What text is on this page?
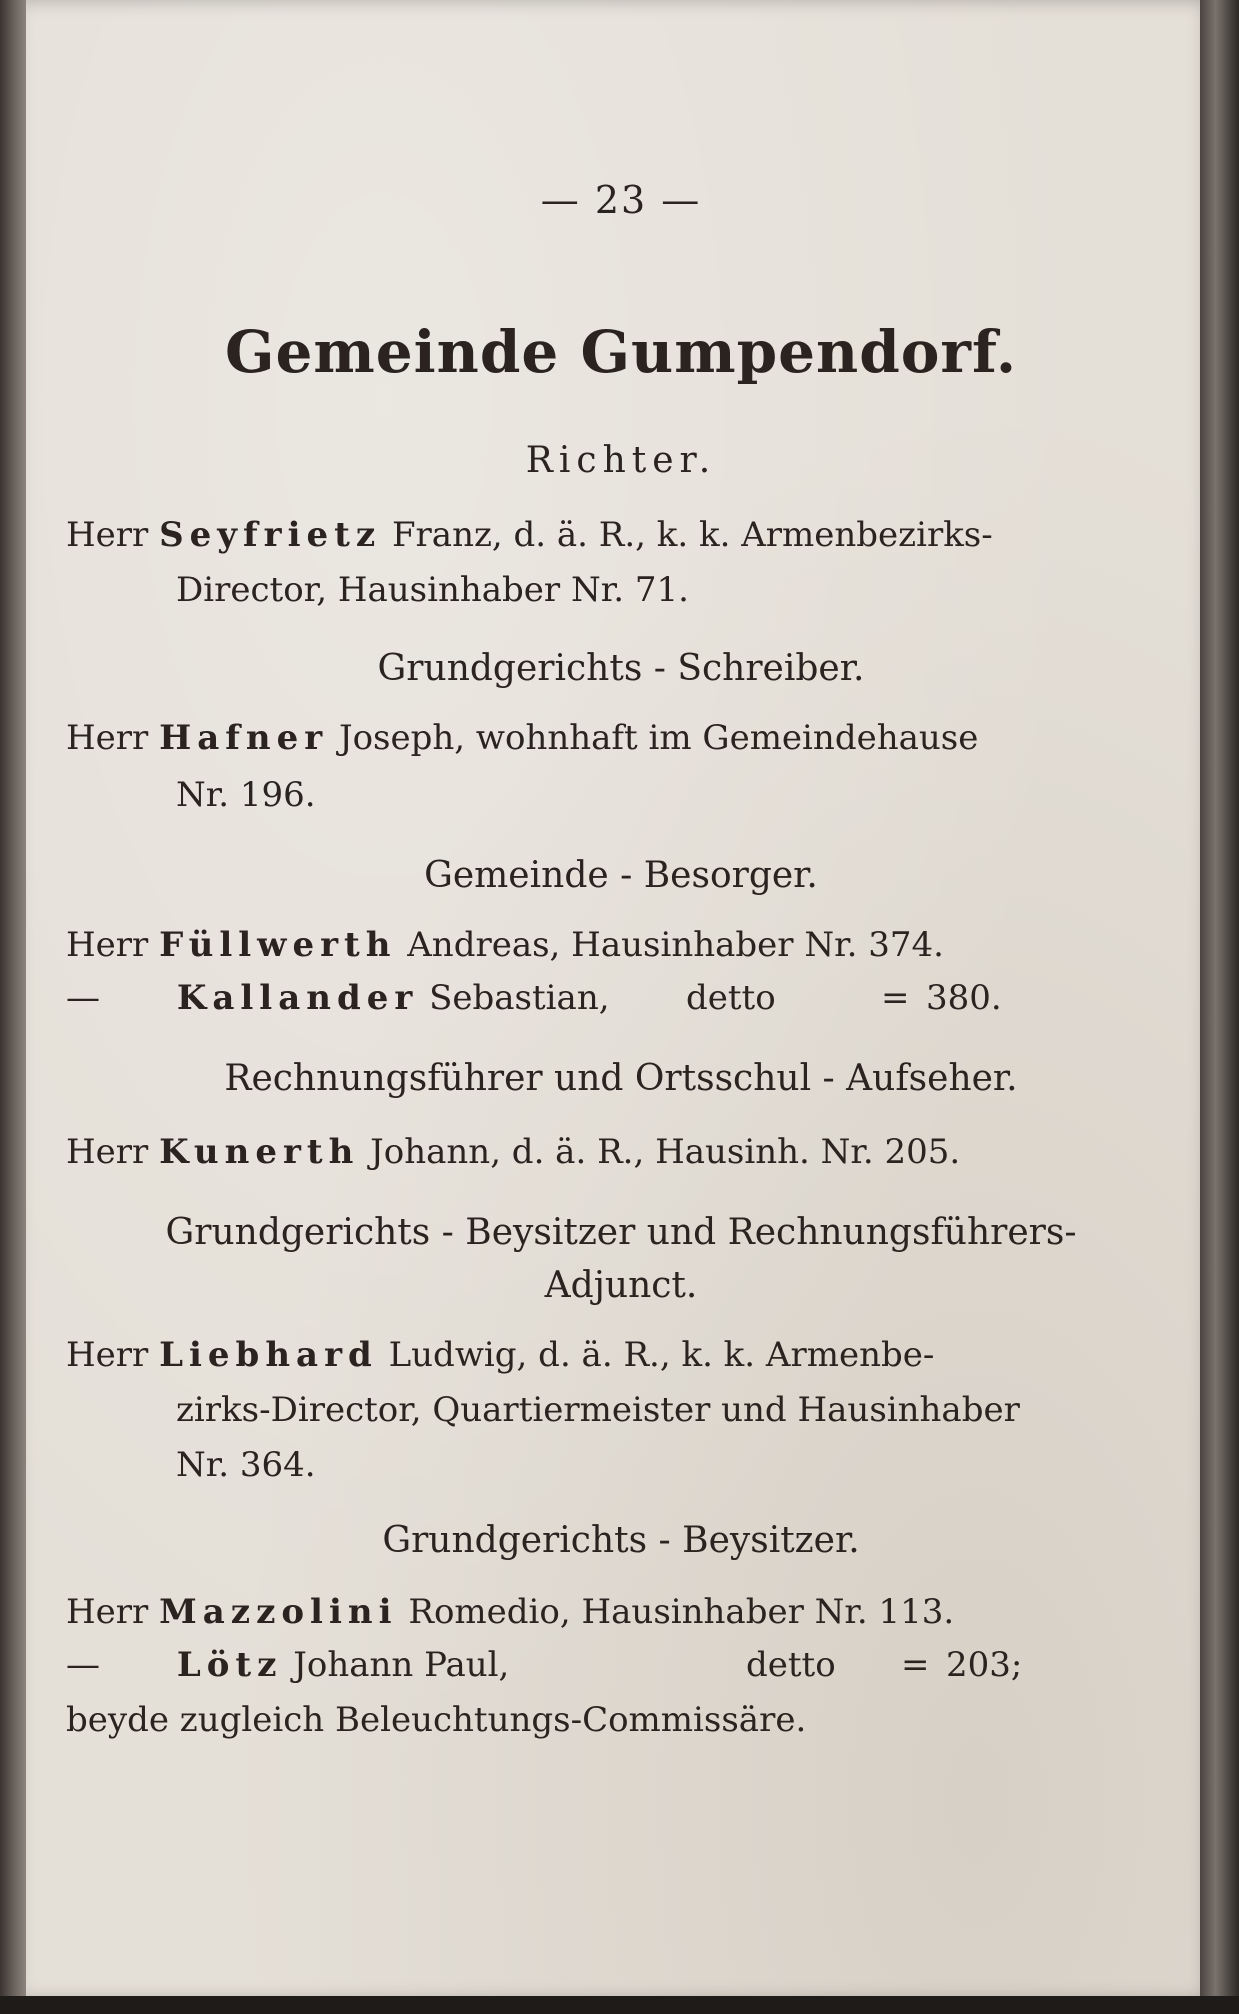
— 23 —
Gemeinde Gumpendorf.
Richter.
Herr Seyfrietz Franz, d. ä. R., k. k. Armenbezirks-
Director, Hausinhaber Nr. 71.
Grundgerichts - Schreiber.
Herr Hafner Joseph, wohnhaft im Gemeindehause
Nr. 196.
Gemeinde - Besorger.
Herr Füllwerth Andreas, Hausinhaber Nr. 374.
— Kallander Sebastian, detto	= 380.
Rechnungsführer und Ortsschul - Aufseher.
Herr Kunerth Johann, d. ä. R., Hausinh. Nr. 205.
Grundgerichts - Beysitzer und Rechnungsführers-
Adjunct.
Herr Liebhard Ludwig, d. ä. R., k. k. Armenbe-
zirks-Director, Quartiermeister und Hausinhaber
Nr. 364.
Grundgerichts - Beysitzer.
Herr Mazzolini Romedio, Hausinhaber Nr. 113.
— Lötz Johann Paul,	detto = 203;
beyde zugleich Beleuchtungs-Commissäre.
